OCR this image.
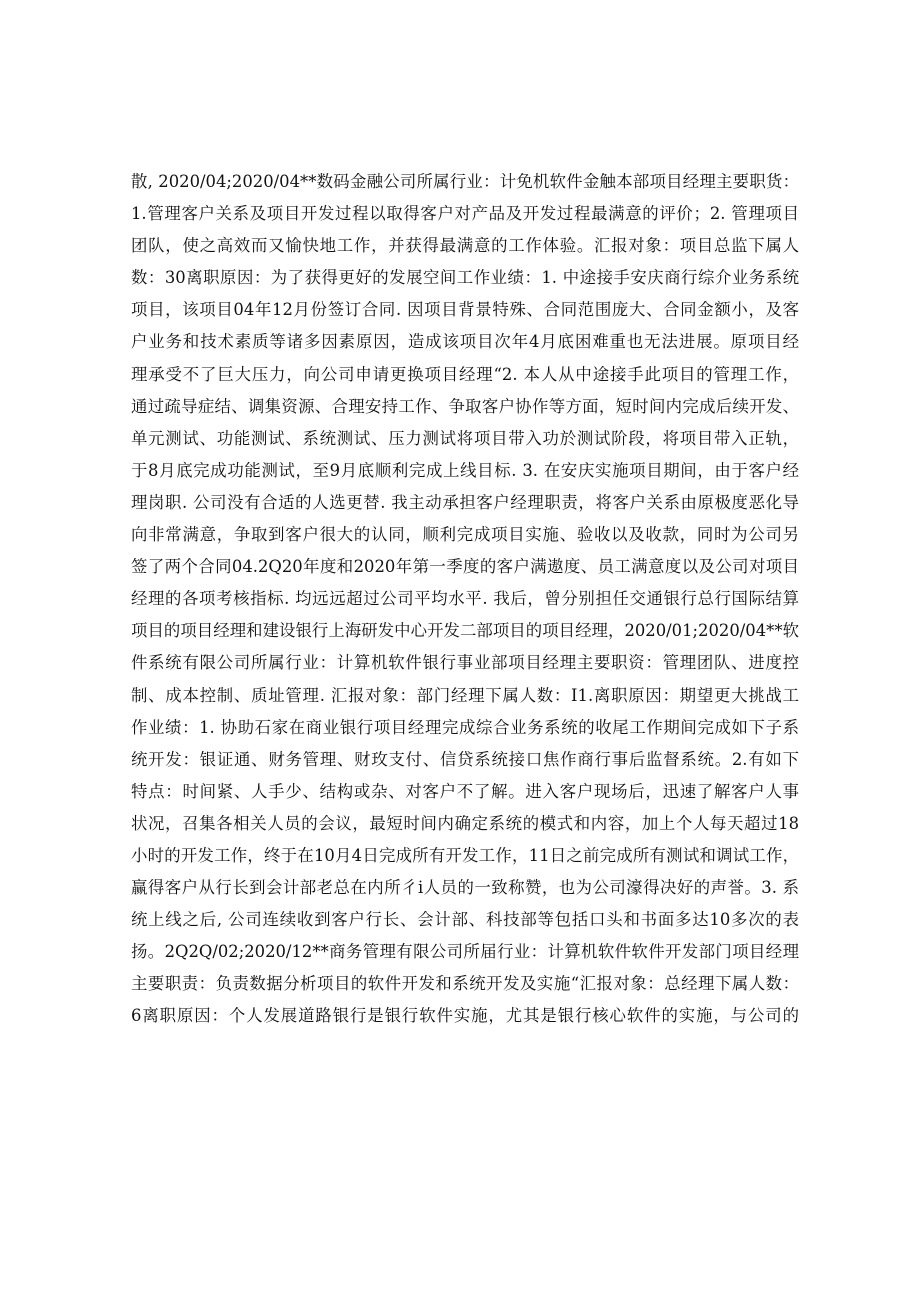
散, 2020/04;2020/04**数码金融公司所属行业：计免机软件金触本部项目经理主要职货：
1.管理客户关系及项目开发过程以取得客户对产品及开发过程最满意的评价；2. 管理项目
团队，使之高效而又愉快地工作，并获得最满意的工作体验。汇报对象：项目总监下属人
数：30离职原因：为了获得更好的发展空间工作业绩：1. 中途接手安庆商行综介业务系统
项目，该项目04年12月份签订合同. 因项目背景特殊、合同范围庞大、合同金额小，及客
户业务和技术素质等诸多因素原因，造成该项目次年4月底困难重也无法进展。原项目经
理承受不了巨大压力，向公司申请更换项目经理“2. 本人从中途接手此项目的管理工作，
通过疏导症结、调集资源、合理安持工作、争取客户协作等方面，短时间内完成后续开发、
单元测试、功能测试、系统测试、压力测试将项目带入功於测试阶段，将项目带入正轨，
于8月底完成功能测试，至9月底顺利完成上线目标. 3. 在安庆实施项目期间，由于客户经
理岗职. 公司没有合适的人选更替. 我主动承担客户经理职责，将客户关系由原极度恶化导
向非常满意，争取到客户很大的认同，顺利完成项目实施、验收以及收款，同时为公司另
签了两个合同04.2Q20年度和2020年第一季度的客户满遨度、员工满意度以及公司对项目
经理的各项考核指标. 均远远超过公司平均水平. 我后，曾分别担任交通银行总行国际结算
项目的项目经理和建设银行上海研发中心开发二部项目的项目经理，2020/01;2020/04**软
件系统有限公司所属行业：计算机软件银行事业部项目经理主要职资：管理团队、进度控
制、成本控制、质址管理. 汇报对象：部门经理下属人数：I1.离职原因：期望更大挑战工
作业绩：1. 协助石家在商业银行项目经理完成综合业务系统的收尾工作期间完成如下子系
统开发：银证通、财务管理、财玫支付、信贷系统接口焦作商行事后监督系统。2.有如下
特点：时间紧、人手少、结构或杂、对客户不了解。进入客户现场后，迅速了解客户人事
状况，召集各相关人员的会议，最短时间内确定系统的模式和内容，加上个人每天超过18
小时的开发工作，终于在10月4日完成所有开发工作，11日之前完成所有测试和调试工作，
赢得客户从行长到会计部老总在内所彳i人员的一致称赞，也为公司濠得决好的声誉。3. 系
统上线之后, 公司连续收到客户行长、会计部、科技部等包括口头和书面多达10多次的表
扬。2Q2Q/02;2020/12**商务管理有限公司所届行业：计算机软件软件开发部门项目经理
主要职责：负责数据分析项目的软件开发和系统开发及实施“汇报对象：总经理下属人数：
6离职原因：个人发展道路银行是银行软件实施，尤其是银行核心软件的实施，与公司的
